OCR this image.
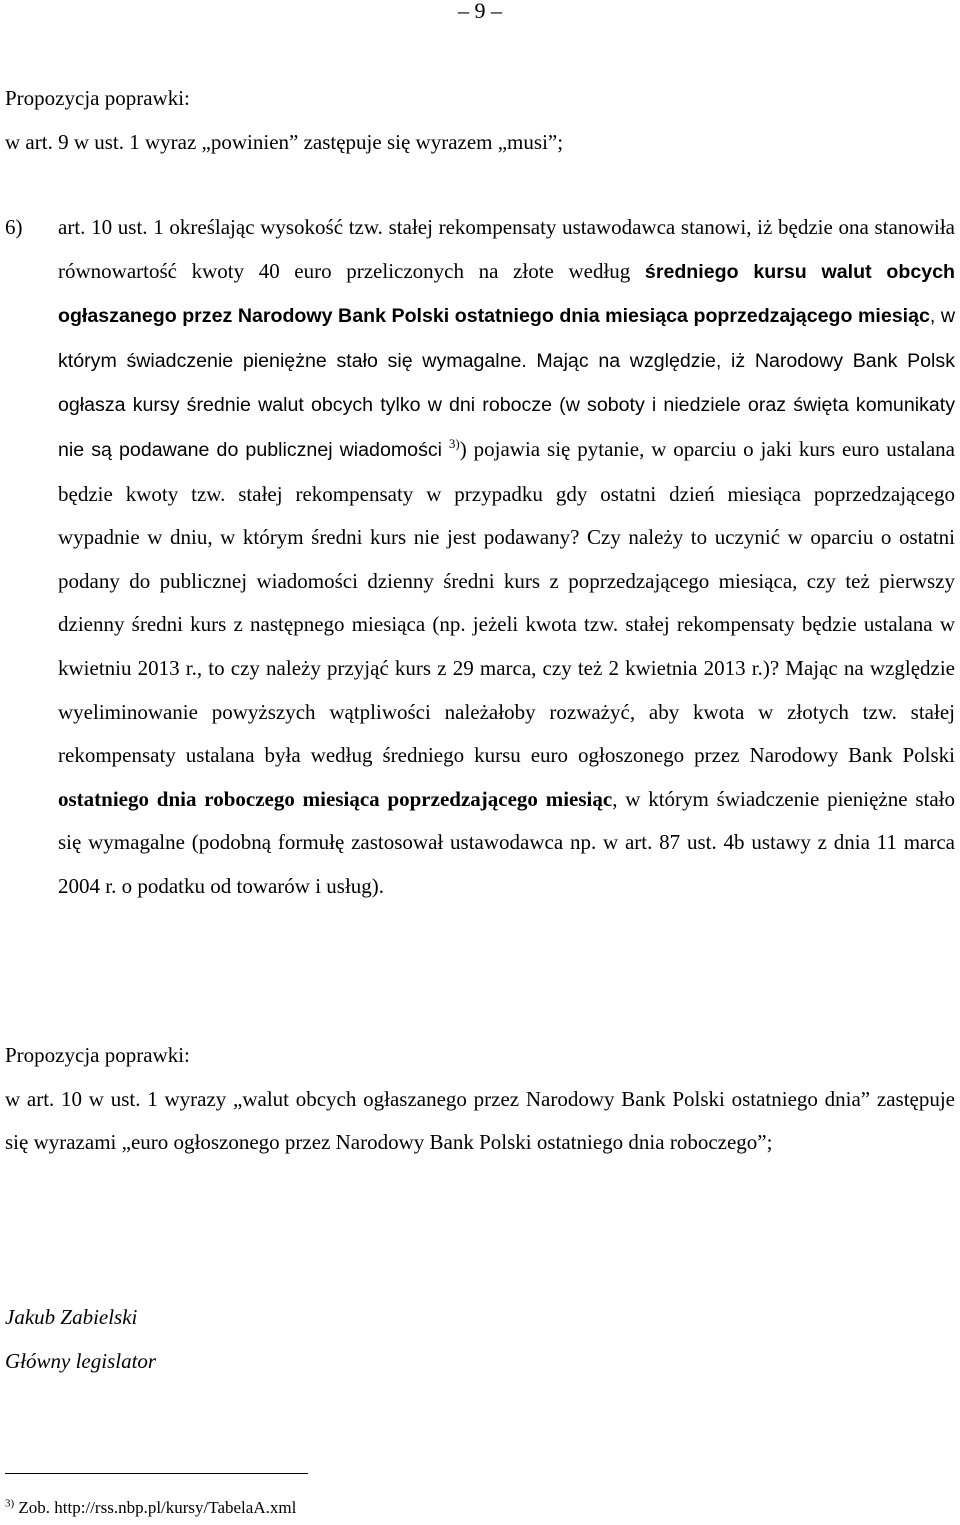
– 9 –
Propozycja poprawki:
w art. 9 w ust. 1 wyraz „powinien” zastępuje się wyrazem „musi”;
6)	art. 10 ust. 1 określając wysokość tzw. stałej rekompensaty ustawodawca stanowi, iż będzie ona stanowiła równowartość kwoty 40 euro przeliczonych na złote według średniego kursu walut obcych ogłaszanego przez Narodowy Bank Polski ostatniego dnia miesiąca poprzedzającego miesiąc, w którym świadczenie pieniężne stało się wymagalne. Mając na względzie, iż Narodowy Bank Polsk ogłasza kursy średnie walut obcych tylko w dni robocze (w soboty i niedziele oraz święta komunikaty nie są podawane do publicznej wiadomości $^{3)}$) pojawia się pytanie, w oparciu o jaki kurs euro ustalana będzie kwoty tzw. stałej rekompensaty w przypadku gdy ostatni dzień miesiąca poprzedzającego wypadnie w dniu, w którym średni kurs nie jest podawany? Czy należy to uczynić w oparciu o ostatni podany do publicznej wiadomości dzienny średni kurs z poprzedzającego miesiąca, czy też pierwszy dzienny średni kurs z następnego miesiąca (np. jeżeli kwota tzw. stałej rekompensaty będzie ustalana w kwietniu 2013 r., to czy należy przyjąć kurs z 29 marca, czy też 2 kwietnia 2013 r.)? Mając na względzie wyeliminowanie powyższych wątpliwości należałoby rozważyć, aby kwota w złotych tzw. stałej rekompensaty ustalana była według średniego kursu euro ogłoszonego przez Narodowy Bank Polski ostatniego dnia roboczego miesiąca poprzedzającego miesiąc, w którym świadczenie pieniężne stało się wymagalne (podobną formułę zastosował ustawodawca np. w art. 87 ust. 4b ustawy z dnia 11 marca 2004 r. o podatku od towarów i usług).
Propozycja poprawki:
w art. 10 w ust. 1 wyrazy „walut obcych ogłaszanego przez Narodowy Bank Polski ostatniego dnia” zastępuje się wyrazami „euro ogłoszonego przez Narodowy Bank Polski ostatniego dnia roboczego”;
Jakub Zabielski
Główny legislator
$^{3)}$ Zob. http://rss.nbp.pl/kursy/TabelaA.xml
